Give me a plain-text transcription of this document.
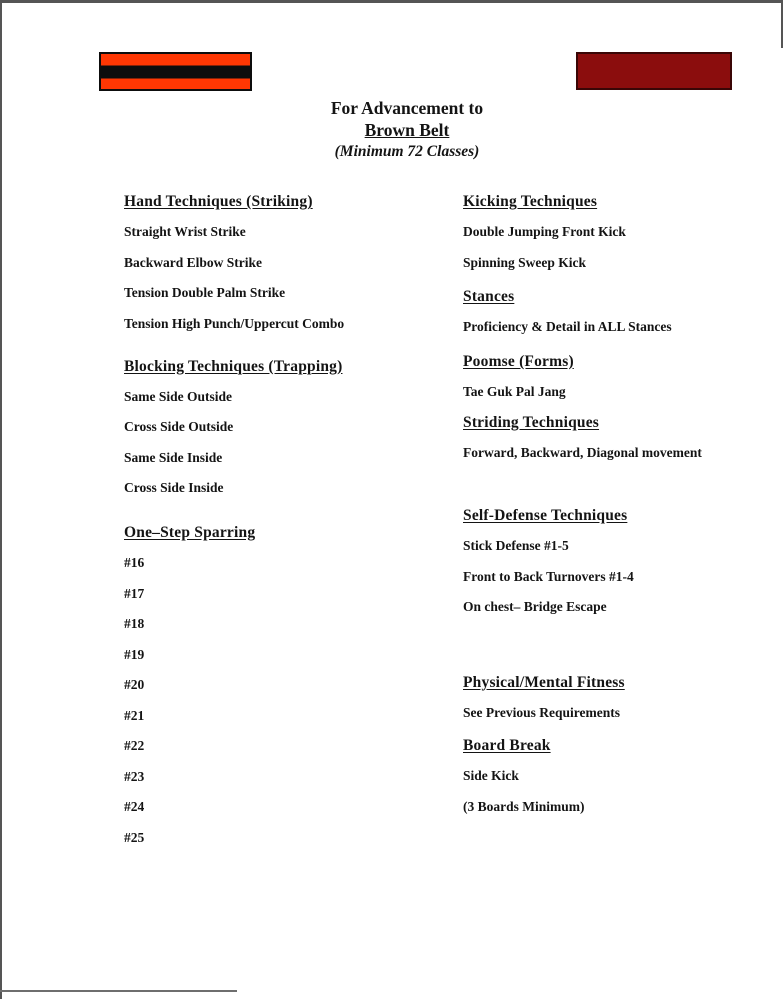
For Advancement to
Brown Belt
(Minimum 72 Classes)
Hand Techniques (Striking)
Straight Wrist Strike
Backward Elbow Strike
Tension Double Palm Strike
Tension High Punch/Uppercut Combo
Blocking Techniques (Trapping)
Same Side Outside
Cross Side Outside
Same Side Inside
Cross Side Inside
One–Step Sparring
#16
#17
#18
#19
#20
#21
#22
#23
#24
#25
Kicking Techniques
Double Jumping Front Kick
Spinning Sweep Kick
Stances
Proficiency & Detail in ALL Stances
Poomse (Forms)
Tae Guk Pal Jang
Striding Techniques
Forward, Backward, Diagonal movement
Self-Defense Techniques
Stick Defense #1-5
Front to Back Turnovers #1-4
On chest– Bridge Escape
Physical/Mental Fitness
See Previous Requirements
Board Break
Side Kick
(3 Boards Minimum)
